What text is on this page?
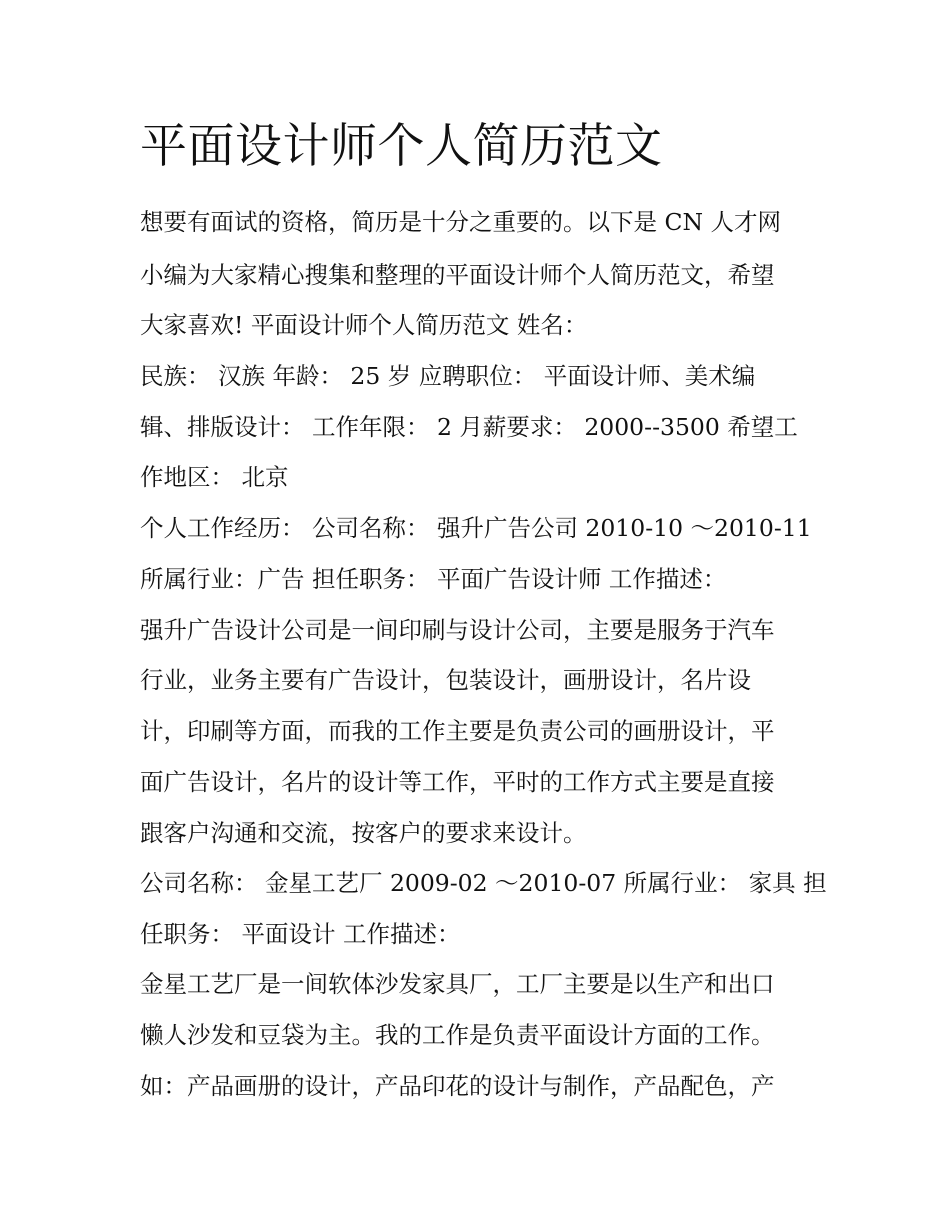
平面设计师个人简历范文
想要有面试的资格，简历是十分之重要的。以下是 CN 人才网
小编为大家精心搜集和整理的平面设计师个人简历范文，希望
大家喜欢! 平面设计师个人简历范文 姓名：
民族： 汉族 年龄： 25 岁 应聘职位： 平面设计师、美术编
辑、排版设计： 工作年限： 2 月薪要求： 2000--3500 希望工
作地区： 北京
个人工作经历： 公司名称： 强升广告公司 2010-10 ～2010-11
所属行业：广告 担任职务： 平面广告设计师 工作描述：
强升广告设计公司是一间印刷与设计公司，主要是服务于汽车
行业，业务主要有广告设计，包装设计，画册设计，名片设
计，印刷等方面，而我的工作主要是负责公司的画册设计，平
面广告设计，名片的设计等工作，平时的工作方式主要是直接
跟客户沟通和交流，按客户的要求来设计。
公司名称： 金星工艺厂 2009-02 ～2010-07 所属行业： 家具 担
任职务： 平面设计 工作描述：
金星工艺厂是一间软体沙发家具厂，工厂主要是以生产和出口
懒人沙发和豆袋为主。我的工作是负责平面设计方面的工作。
如：产品画册的设计，产品印花的设计与制作，产品配色，产
